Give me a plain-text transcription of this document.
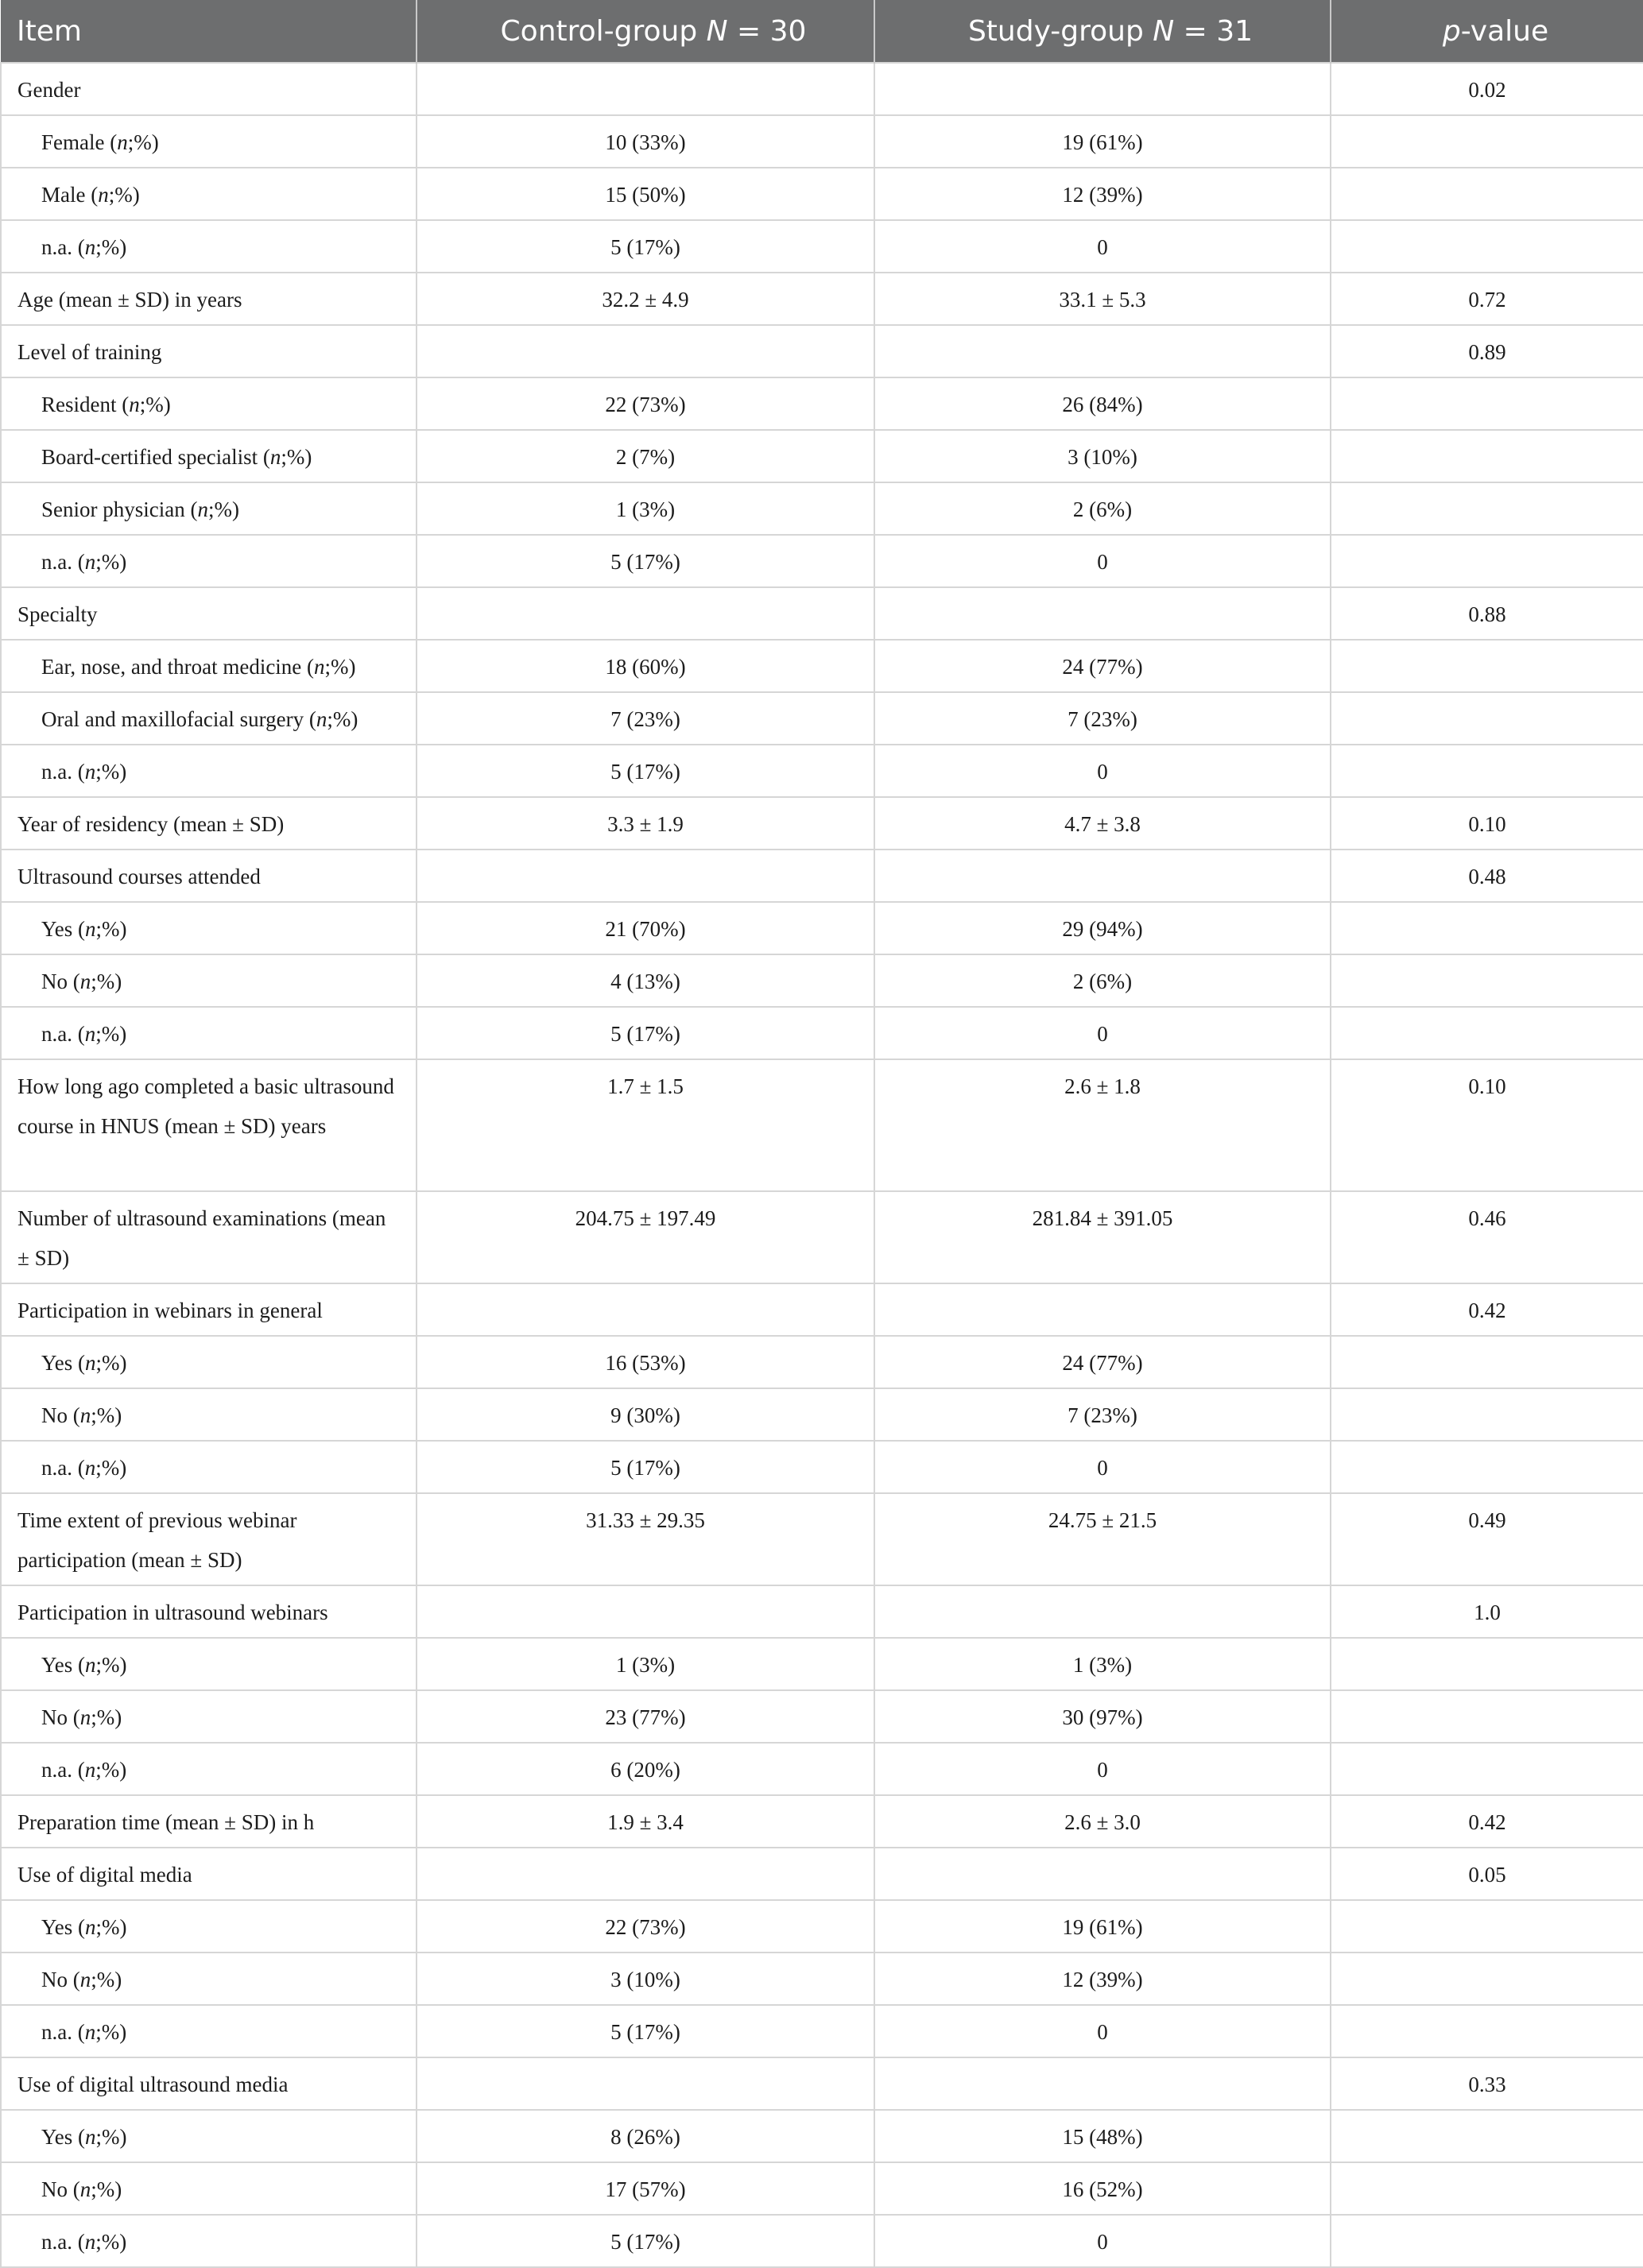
Item	Control-group N = 30	Study-group N = 31	p-value
Gender			0.02
Female (n;%)	10 (33%)	19 (61%)	
Male (n;%)	15 (50%)	12 (39%)	
n.a. (n;%)	5 (17%)	0	
Age (mean ± SD) in years	32.2 ± 4.9	33.1 ± 5.3	0.72
Level of training			0.89
Resident (n;%)	22 (73%)	26 (84%)	
Board-certified specialist (n;%)	2 (7%)	3 (10%)	
Senior physician (n;%)	1 (3%)	2 (6%)	
n.a. (n;%)	5 (17%)	0	
Specialty			0.88
Ear, nose, and throat medicine (n;%)	18 (60%)	24 (77%)	
Oral and maxillofacial surgery (n;%)	7 (23%)	7 (23%)	
n.a. (n;%)	5 (17%)	0	
Year of residency (mean ± SD)	3.3 ± 1.9	4.7 ± 3.8	0.10
Ultrasound courses attended			0.48
Yes (n;%)	21 (70%)	29 (94%)	
No (n;%)	4 (13%)	2 (6%)	
n.a. (n;%)	5 (17%)	0	
How long ago completed a basic ultrasound course in HNUS (mean ± SD) years	1.7 ± 1.5	2.6 ± 1.8	0.10
Number of ultrasound examinations (mean ± SD)	204.75 ± 197.49	281.84 ± 391.05	0.46
Participation in webinars in general			0.42
Yes (n;%)	16 (53%)	24 (77%)	
No (n;%)	9 (30%)	7 (23%)	
n.a. (n;%)	5 (17%)	0	
Time extent of previous webinar participation (mean ± SD)	31.33 ± 29.35	24.75 ± 21.5	0.49
Participation in ultrasound webinars			1.0
Yes (n;%)	1 (3%)	1 (3%)	
No (n;%)	23 (77%)	30 (97%)	
n.a. (n;%)	6 (20%)	0	
Preparation time (mean ± SD) in h	1.9 ± 3.4	2.6 ± 3.0	0.42
Use of digital media			0.05
Yes (n;%)	22 (73%)	19 (61%)	
No (n;%)	3 (10%)	12 (39%)	
n.a. (n;%)	5 (17%)	0	
Use of digital ultrasound media			0.33
Yes (n;%)	8 (26%)	15 (48%)	
No (n;%)	17 (57%)	16 (52%)	
n.a. (n;%)	5 (17%)	0	
